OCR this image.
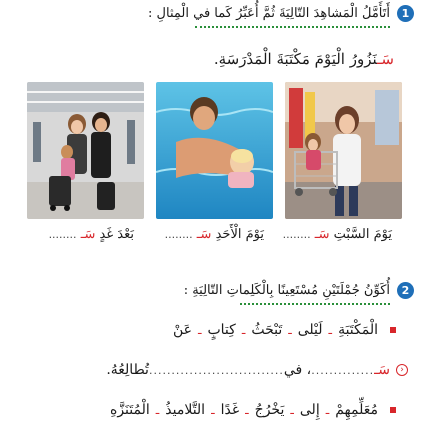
1
أَتَأَمَّلُ الْمَشاهِدَ التّالِيَةَ ثُمَّ أُعَبِّرُ كَما في الْمِثالِ :
سَـنَزُورُ الْيَوْمَ مَكْتَبَةَ الْمَدْرَسَةِ.
يَوْمَ السَّبْتِ سَـ ........
يَوْمَ الْأَحَدِ سَـ ........
بَعْدَ غَدٍ سَـ ........
2
أُكَوِّنُ جُمْلَتَيْنِ مُسْتَعِينًا بِالْكَلِماتِ التّالِيَةِ :
الْمَكْتَبَةِ
ـ
لَيْلى
ـ
تَبْحَثُ
ـ
كِتابٍ
ـ
عَنْ
‹
سَـ
..............
، في
..............................
تُطالِعُهُ.
مُعَلِّمِهِمْ
ـ
إِلى
ـ
يَخْرُجُ
ـ
غَدًا
ـ
التَّلاميذُ
ـ
الْمُتَنَزَّهِ
